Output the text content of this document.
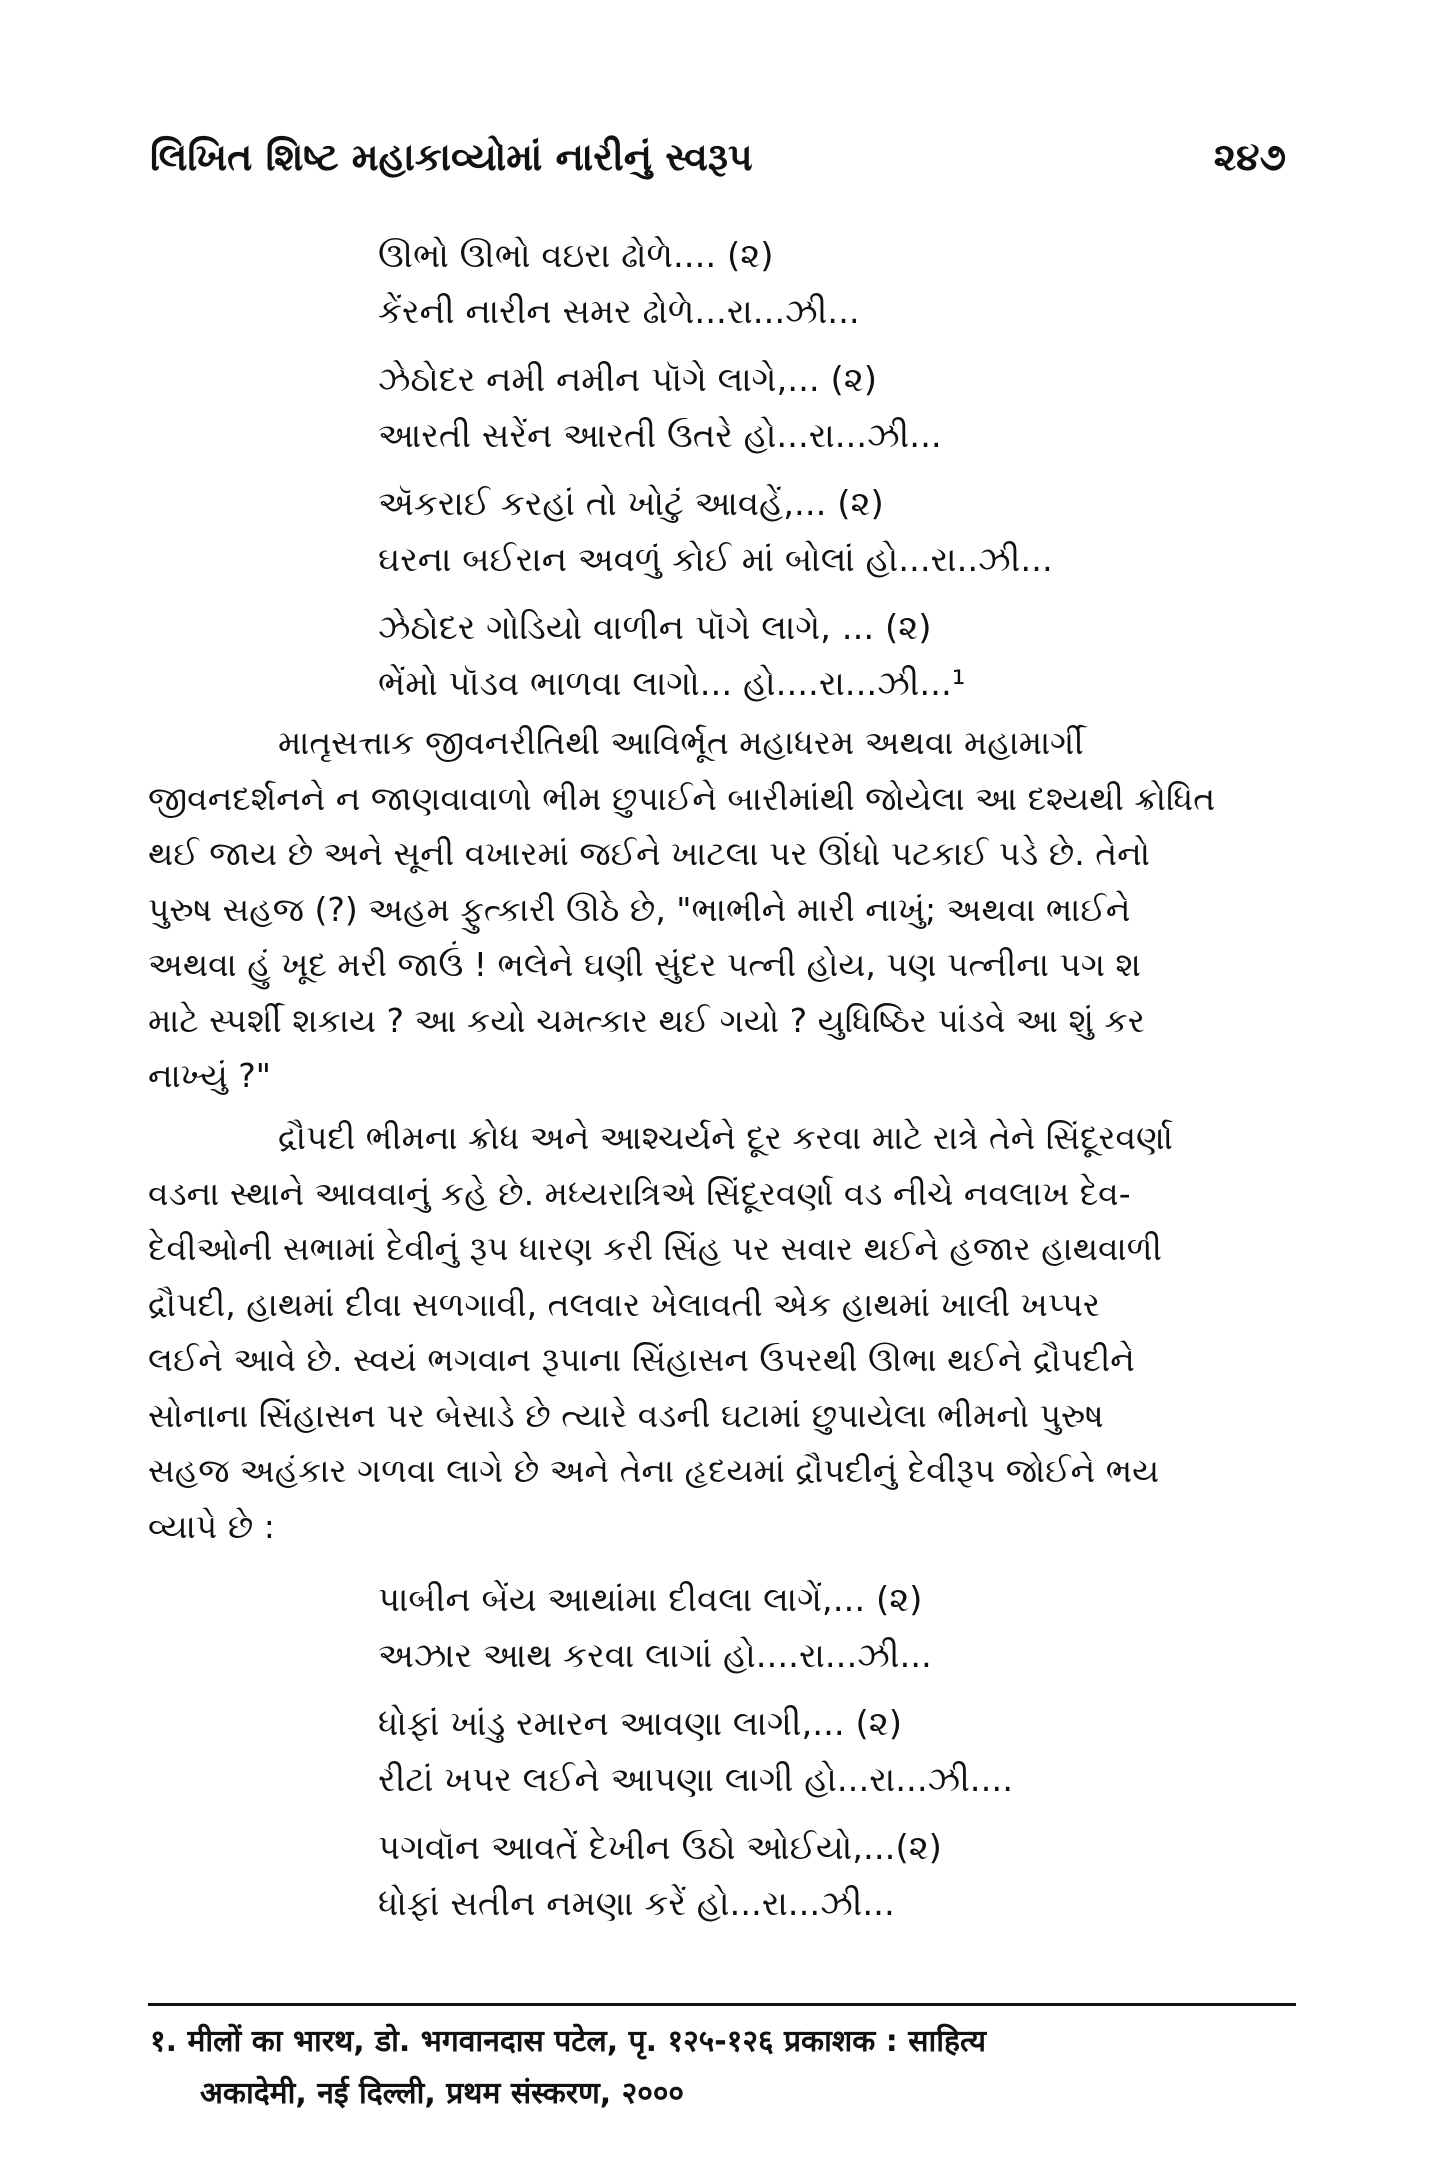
લિખિત શિષ્ટ મહાકાવ્યોમાં નારીનું સ્વરૂપ	૨૪૭
ઊભો ઊભો વઇરા ઢોળે.... (૨)
કેંરની નારીન સમર ઢોળે...રા...ઝી...
ઝેઠોદર નમી નમીન પૉગે લાગે,... (૨)
આરતી સરેંન આરતી ઉતરે હો...રા...ઝી...
ઍકરાઈ કરહાં તો ખોટું આવહેં,... (૨)
ઘરના બઈરાન અવળું કોઈ માં બોલાં હો...રા..ઝી...
ઝેઠોદર ગોડિયો વાળીન પૉગે લાગે, ... (૨)
ભેંમો પૉડવ ભાળવા લાગો... હો....રા...ઝી...¹
માતૃસત્તાક જીવનરીતિથી આવિર્ભૂત મહાધરમ અથવા મહામાર્ગી
જીવનદર્શનને ન જાણવાવાળો ભીમ છુપાઈને બારીમાંથી જોયેલા આ દશ્યથી ક્રોધિત
થઈ જાય છે અને સૂની વખારમાં જઈને ખાટલા પર ઊંધો પટકાઈ પડે છે. તેનો
પુરુષ સહજ (?) અહમ ફુત્કારી ઊઠે છે, "ભાભીને મારી નાખું; અથવા ભાઈને
અથવા હું ખૂદ મરી જાઉં ! ભલેને ઘણી સુંદર પત્ની હોય, પણ પત્નીના પગ શ
માટે સ્પર્શી શકાય ? આ કયો ચમત્કાર થઈ ગયો ? યુધિષ્ઠિર પાંડવે આ શું કર
નાખ્યું ?"
દ્રૌપદી ભીમના ક્રોધ અને આશ્ચર્યને દૂર કરવા માટે રાત્રે તેને સિંદૂરવર્ણા
વડના સ્થાને આવવાનું કહે છે. મધ્યરાત્રિએ સિંદૂરવર્ણા વડ નીચે નવલાખ દેવ-
દેવીઓની સભામાં દેવીનું રૂપ ધારણ કરી સિંહ પર સવાર થઈને હજાર હાથવાળી
દ્રૌપદી, હાથમાં દીવા સળગાવી, તલવાર ખેલાવતી એક હાથમાં ખાલી ખપ્પર
લઈને આવે છે. સ્વયં ભગવાન રૂપાના સિંહાસન ઉપરથી ઊભા થઈને દ્રૌપદીને
સોનાના સિંહાસન પર બેસાડે છે ત્યારે વડની ઘટામાં છુપાયેલા ભીમનો પુરુષ
સહજ અહંકાર ગળવા લાગે છે અને તેના હૃદયમાં દ્રૌપદીનું દેવીરૂપ જોઈને ભય
વ્યાપે છે :
પાબીન બેંય આથાંમા દીવલા લાગેં,... (૨)
અઝાર આથ કરવા લાગાં હો....રા...ઝી...
ધોફાં ખાંડુ રમારન આવણા લાગી,... (૨)
રીટાં ખપર લઈને આપણા લાગી હો...રા...ઝી....
પગવૉન આવતેં દેખીન ઉઠો ઓઈયો,...(૨)
ધોફાં સતીન નમણા કરેં હો...રા...ઝી...
१. मीलों का भारथ, डो. भगवानदास पटेल, पृ. १२५-१२६ प्रकाशक : साहित्य
अकादेमी, नई दिल्ली, प्रथम संस्करण, २०००
